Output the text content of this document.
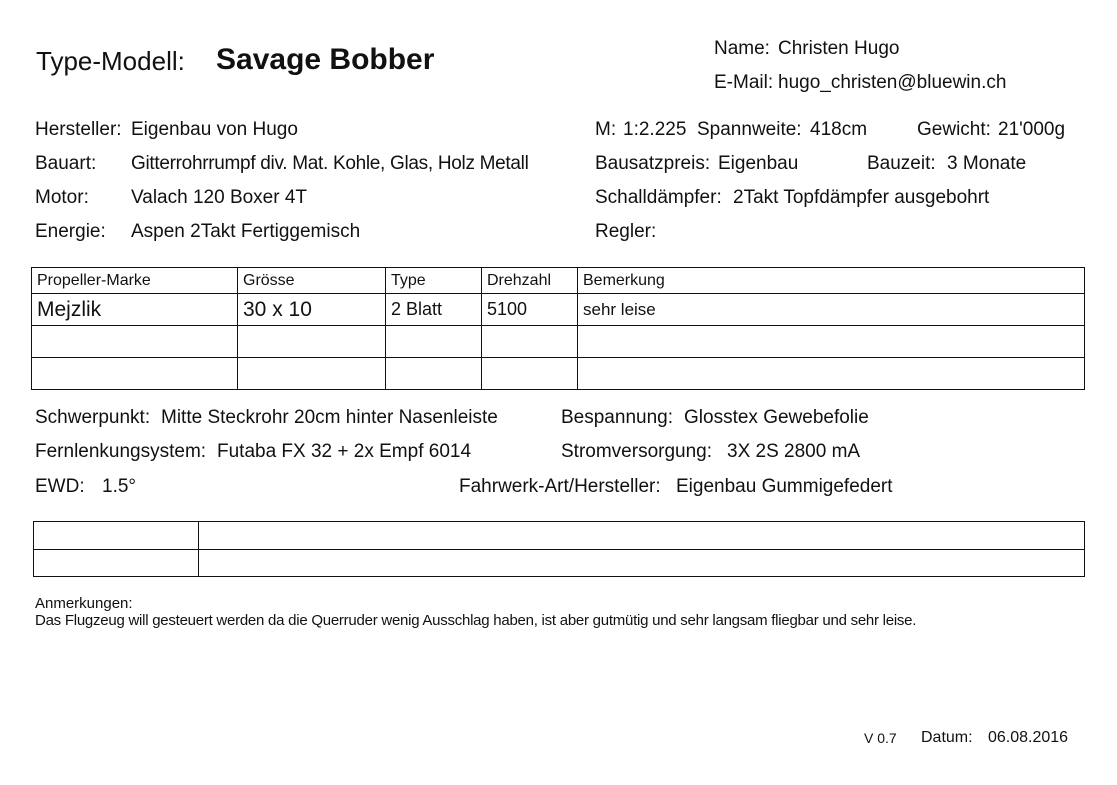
Type-Modell: Savage Bobber	Name: Christen Hugo
E-Mail: hugo_christen@bluewin.ch
Hersteller: Eigenbau von Hugo
Bauart: Gitterrohrrumpf div. Mat. Kohle, Glas, Holz Metall
Motor: Valach 120 Boxer 4T
Energie: Aspen 2Takt Fertiggemisch
M: 1:2.225 Spannweite: 418cm	Gewicht: 21'000g
Bausatzpreis: Eigenbau	Bauzeit: 3 Monate
Schalldämpfer: 2Takt Topfdämpfer ausgebohrt
Regler:
Propeller-Marke	Grösse	Type	Drehzahl	Bemerkung
Mejzlik	30 x 10	2 Blatt	5100	sehr leise

Schwerpunkt: Mitte Steckrohr 20cm hinter Nasenleiste	Bespannung: Glosstex Gewebefolie
Fernlenkungsystem: Futaba FX 32 + 2x Empf 6014	Stromversorgung: 3X 2S 2800 mA
EWD: 1.5°	Fahrwerk-Art/Hersteller: Eigenbau Gummigefedert

Anmerkungen:
Das Flugzeug will gesteuert werden da die Querruder wenig Ausschlag haben, ist aber gutmütig und sehr langsam fliegbar und sehr leise.
V 0.7 Datum: 06.08.2016
